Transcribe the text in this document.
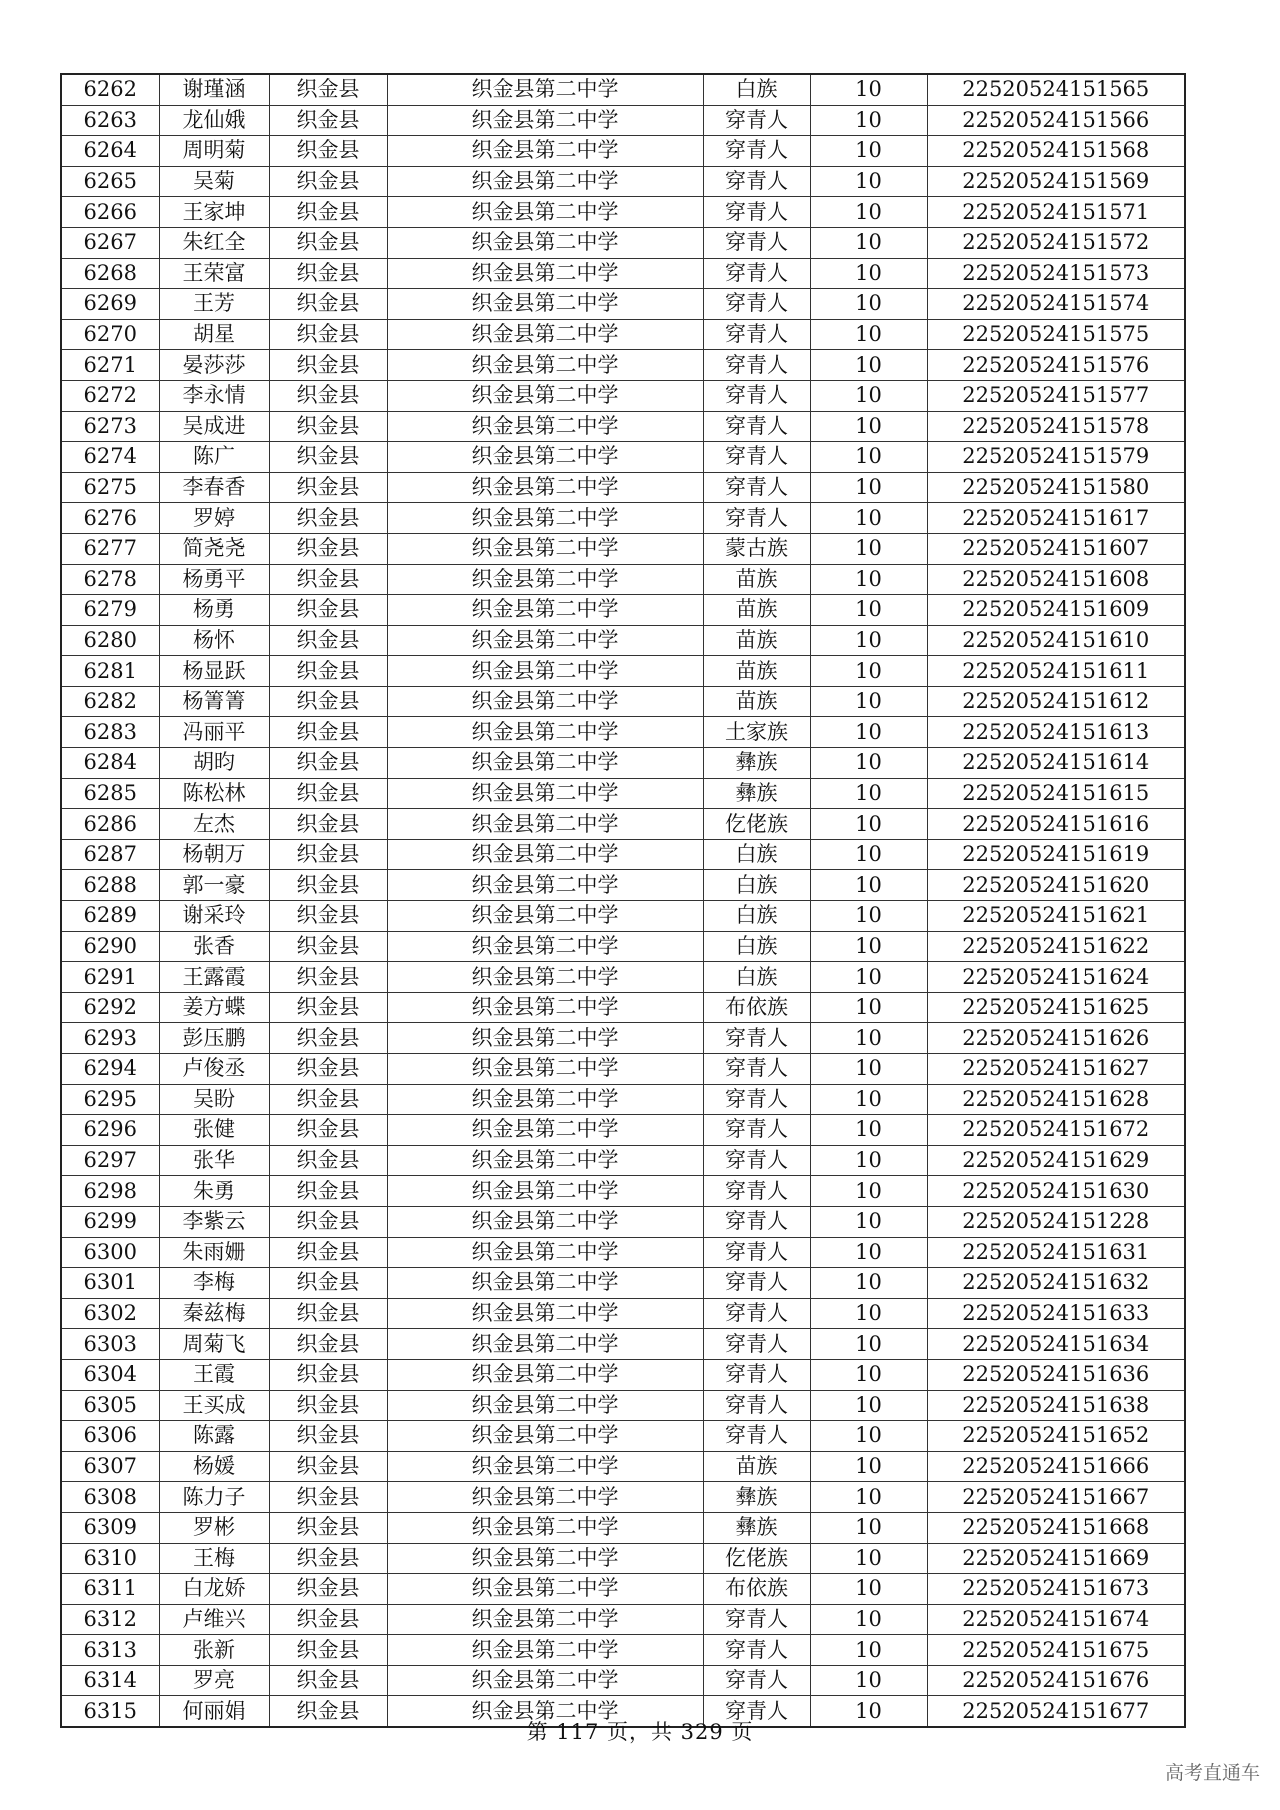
6262	谢瑾涵	织金县	织金县第二中学	白族	10	22520524151565
6263	龙仙娥	织金县	织金县第二中学	穿青人	10	22520524151566
6264	周明菊	织金县	织金县第二中学	穿青人	10	22520524151568
6265	吴菊	织金县	织金县第二中学	穿青人	10	22520524151569
6266	王家坤	织金县	织金县第二中学	穿青人	10	22520524151571
6267	朱红全	织金县	织金县第二中学	穿青人	10	22520524151572
6268	王荣富	织金县	织金县第二中学	穿青人	10	22520524151573
6269	王芳	织金县	织金县第二中学	穿青人	10	22520524151574
6270	胡星	织金县	织金县第二中学	穿青人	10	22520524151575
6271	晏莎莎	织金县	织金县第二中学	穿青人	10	22520524151576
6272	李永情	织金县	织金县第二中学	穿青人	10	22520524151577
6273	吴成进	织金县	织金县第二中学	穿青人	10	22520524151578
6274	陈广	织金县	织金县第二中学	穿青人	10	22520524151579
6275	李春香	织金县	织金县第二中学	穿青人	10	22520524151580
6276	罗婷	织金县	织金县第二中学	穿青人	10	22520524151617
6277	简尧尧	织金县	织金县第二中学	蒙古族	10	22520524151607
6278	杨勇平	织金县	织金县第二中学	苗族	10	22520524151608
6279	杨勇	织金县	织金县第二中学	苗族	10	22520524151609
6280	杨怀	织金县	织金县第二中学	苗族	10	22520524151610
6281	杨显跃	织金县	织金县第二中学	苗族	10	22520524151611
6282	杨箐箐	织金县	织金县第二中学	苗族	10	22520524151612
6283	冯丽平	织金县	织金县第二中学	土家族	10	22520524151613
6284	胡昀	织金县	织金县第二中学	彝族	10	22520524151614
6285	陈松林	织金县	织金县第二中学	彝族	10	22520524151615
6286	左杰	织金县	织金县第二中学	仡佬族	10	22520524151616
6287	杨朝万	织金县	织金县第二中学	白族	10	22520524151619
6288	郭一豪	织金县	织金县第二中学	白族	10	22520524151620
6289	谢采玲	织金县	织金县第二中学	白族	10	22520524151621
6290	张香	织金县	织金县第二中学	白族	10	22520524151622
6291	王露霞	织金县	织金县第二中学	白族	10	22520524151624
6292	姜方蝶	织金县	织金县第二中学	布依族	10	22520524151625
6293	彭压鹏	织金县	织金县第二中学	穿青人	10	22520524151626
6294	卢俊丞	织金县	织金县第二中学	穿青人	10	22520524151627
6295	吴盼	织金县	织金县第二中学	穿青人	10	22520524151628
6296	张健	织金县	织金县第二中学	穿青人	10	22520524151672
6297	张华	织金县	织金县第二中学	穿青人	10	22520524151629
6298	朱勇	织金县	织金县第二中学	穿青人	10	22520524151630
6299	李紫云	织金县	织金县第二中学	穿青人	10	22520524151228
6300	朱雨姗	织金县	织金县第二中学	穿青人	10	22520524151631
6301	李梅	织金县	织金县第二中学	穿青人	10	22520524151632
6302	秦兹梅	织金县	织金县第二中学	穿青人	10	22520524151633
6303	周菊飞	织金县	织金县第二中学	穿青人	10	22520524151634
6304	王霞	织金县	织金县第二中学	穿青人	10	22520524151636
6305	王买成	织金县	织金县第二中学	穿青人	10	22520524151638
6306	陈露	织金县	织金县第二中学	穿青人	10	22520524151652
6307	杨媛	织金县	织金县第二中学	苗族	10	22520524151666
6308	陈力子	织金县	织金县第二中学	彝族	10	22520524151667
6309	罗彬	织金县	织金县第二中学	彝族	10	22520524151668
6310	王梅	织金县	织金县第二中学	仡佬族	10	22520524151669
6311	白龙娇	织金县	织金县第二中学	布依族	10	22520524151673
6312	卢维兴	织金县	织金县第二中学	穿青人	10	22520524151674
6313	张新	织金县	织金县第二中学	穿青人	10	22520524151675
6314	罗亮	织金县	织金县第二中学	穿青人	10	22520524151676
6315	何丽娟	织金县	织金县第二中学	穿青人	10	22520524151677
第 117 页，共 329 页
高考直通车
